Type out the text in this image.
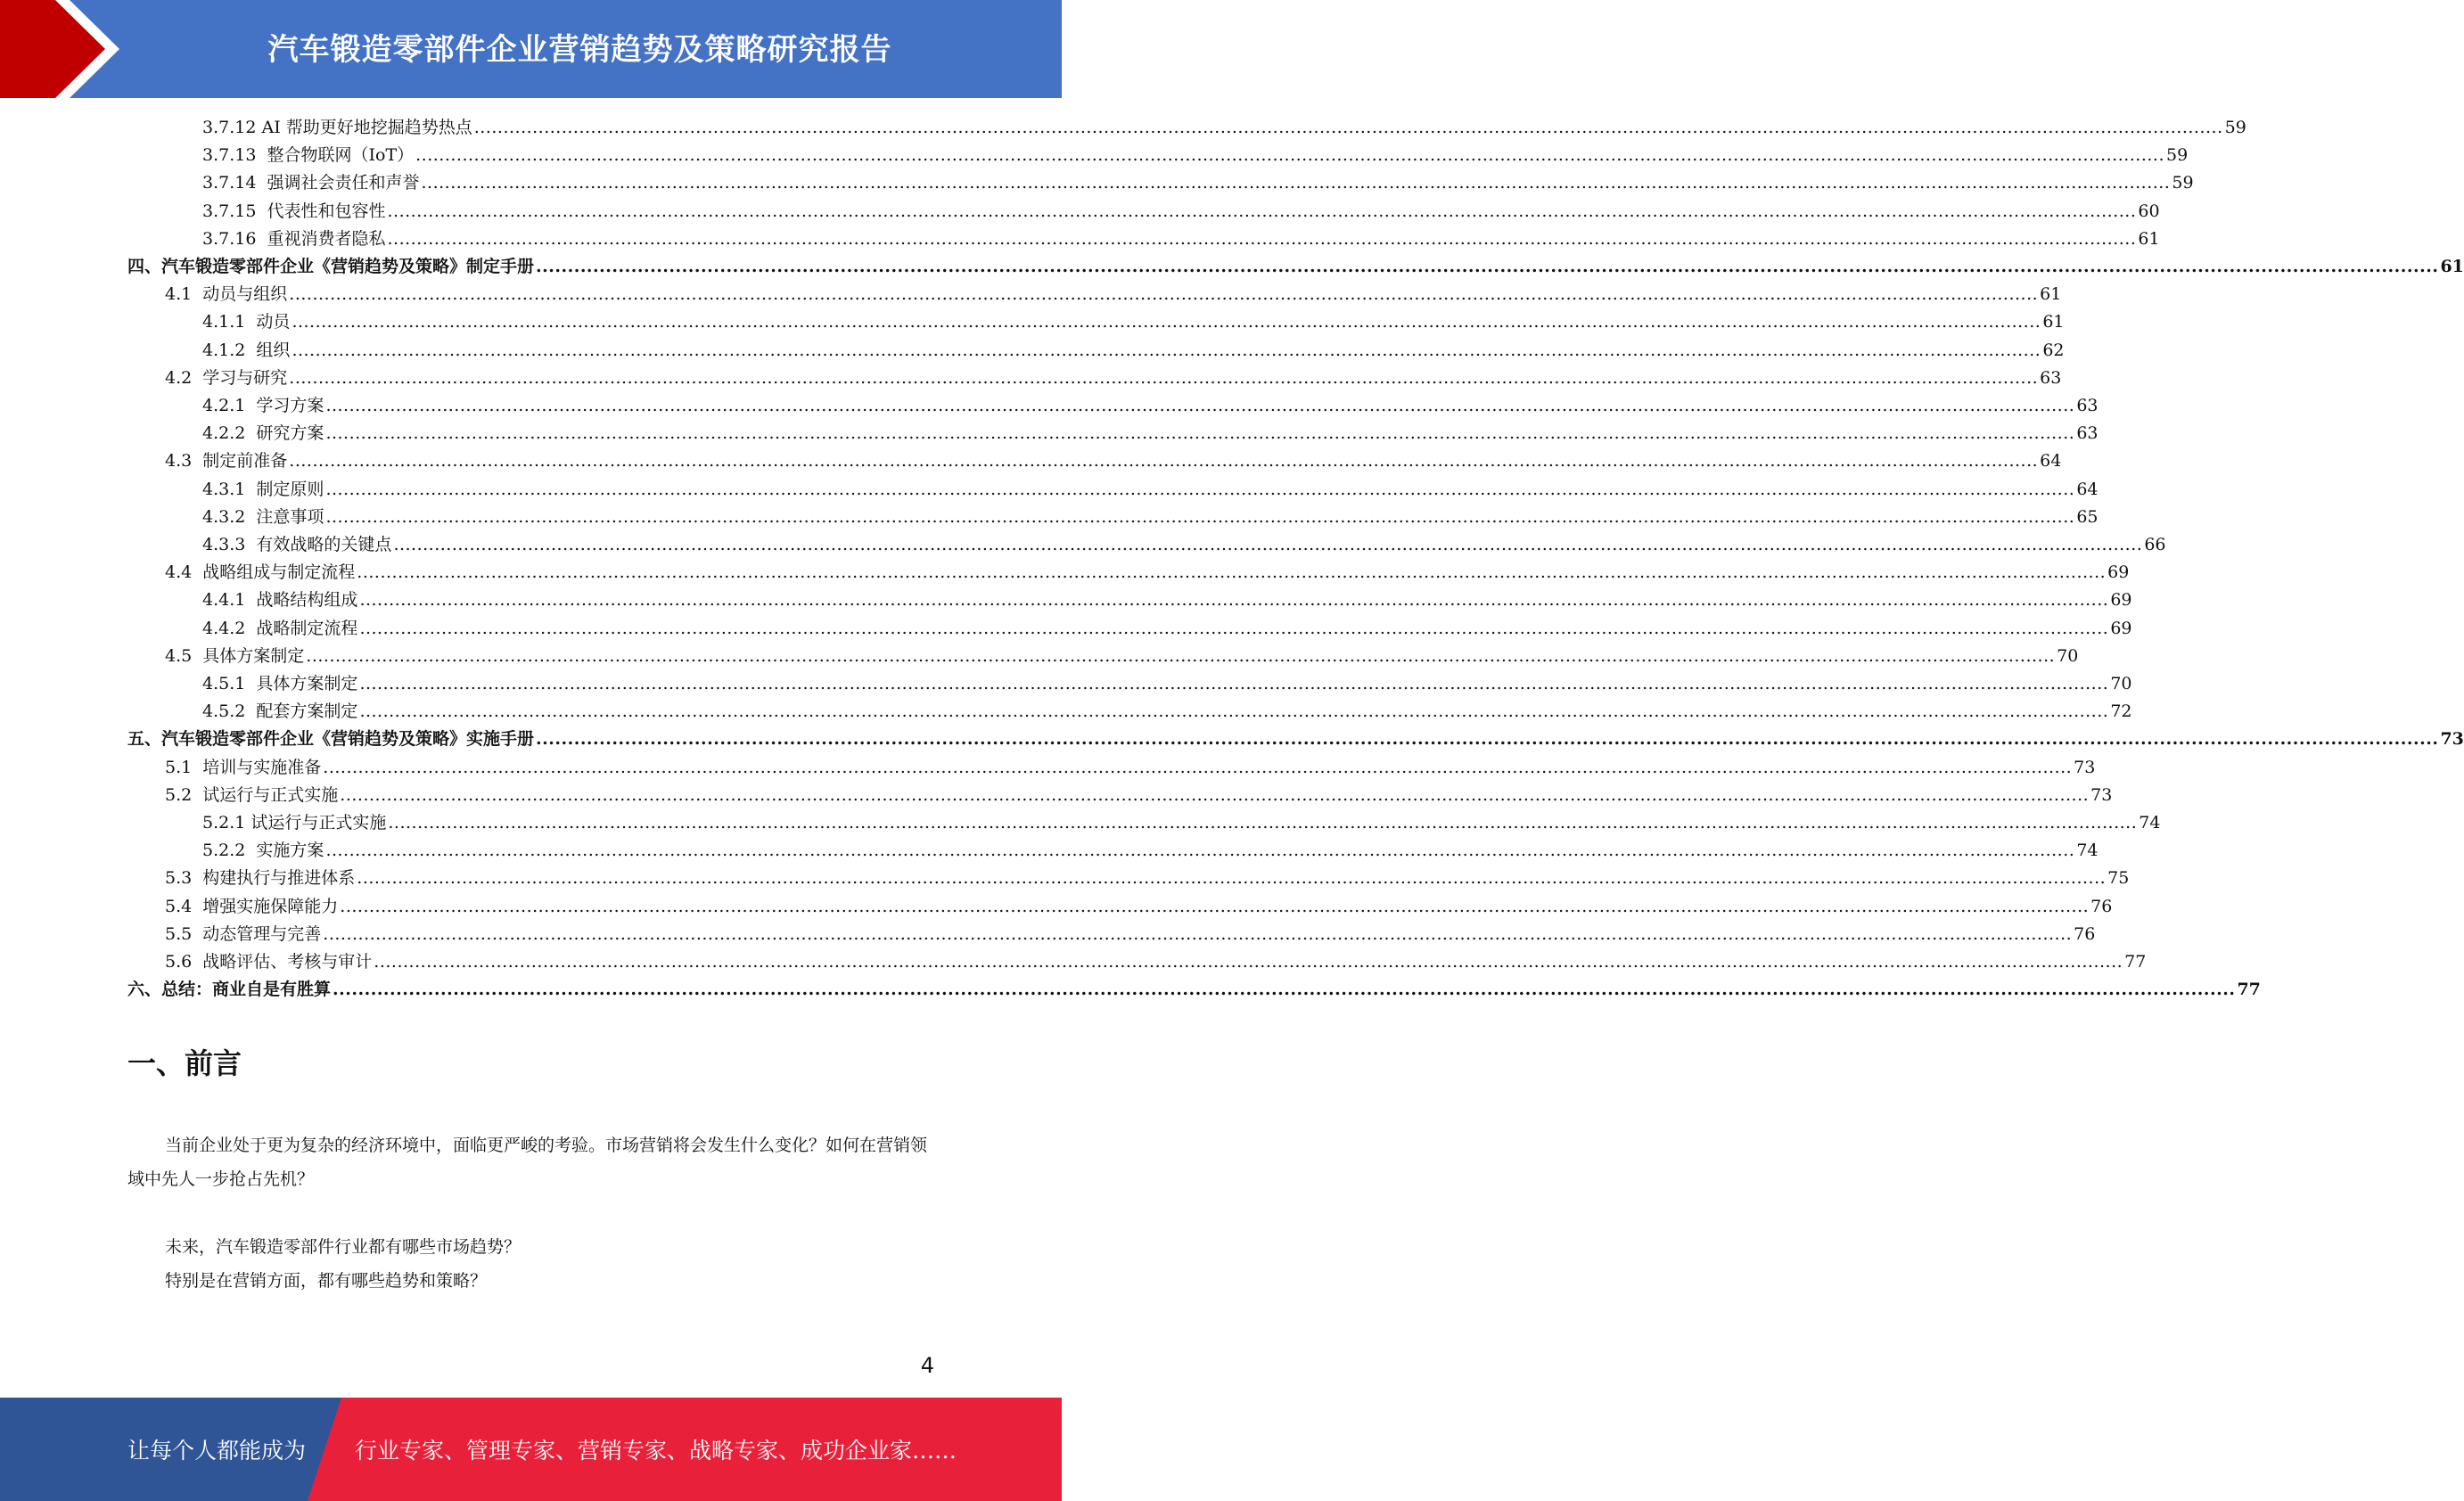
汽车锻造零部件企业营销趋势及策略研究报告
3.7.12 AI 帮助更好地挖掘趋势热点 ............................................................................................................................................................................................................................................................................................................ 59
3.7.13  整合物联网（IoT） ............................................................................................................................................................................................................................................................................................................ 59
3.7.14  强调社会责任和声誉 ............................................................................................................................................................................................................................................................................................................ 59
3.7.15  代表性和包容性 ............................................................................................................................................................................................................................................................................................................ 60
3.7.16  重视消费者隐私 ............................................................................................................................................................................................................................................................................................................ 61
四、汽车锻造零部件企业《营销趋势及策略》制定手册 ............................................................................................................................................................................................................................................................................................................ 61
4.1  动员与组织 ............................................................................................................................................................................................................................................................................................................ 61
4.1.1  动员 ............................................................................................................................................................................................................................................................................................................ 61
4.1.2  组织 ............................................................................................................................................................................................................................................................................................................ 62
4.2  学习与研究 ............................................................................................................................................................................................................................................................................................................ 63
4.2.1  学习方案 ............................................................................................................................................................................................................................................................................................................ 63
4.2.2  研究方案 ............................................................................................................................................................................................................................................................................................................ 63
4.3  制定前准备 ............................................................................................................................................................................................................................................................................................................ 64
4.3.1  制定原则 ............................................................................................................................................................................................................................................................................................................ 64
4.3.2  注意事项 ............................................................................................................................................................................................................................................................................................................ 65
4.3.3  有效战略的关键点 ............................................................................................................................................................................................................................................................................................................ 66
4.4  战略组成与制定流程 ............................................................................................................................................................................................................................................................................................................ 69
4.4.1  战略结构组成 ............................................................................................................................................................................................................................................................................................................ 69
4.4.2  战略制定流程 ............................................................................................................................................................................................................................................................................................................ 69
4.5  具体方案制定 ............................................................................................................................................................................................................................................................................................................ 70
4.5.1  具体方案制定 ............................................................................................................................................................................................................................................................................................................ 70
4.5.2  配套方案制定 ............................................................................................................................................................................................................................................................................................................ 72
五、汽车锻造零部件企业《营销趋势及策略》实施手册 ............................................................................................................................................................................................................................................................................................................ 73
5.1  培训与实施准备 ............................................................................................................................................................................................................................................................................................................ 73
5.2  试运行与正式实施 ............................................................................................................................................................................................................................................................................................................ 73
5.2.1 试运行与正式实施 ............................................................................................................................................................................................................................................................................................................ 74
5.2.2  实施方案 ............................................................................................................................................................................................................................................................................................................ 74
5.3  构建执行与推进体系 ............................................................................................................................................................................................................................................................................................................ 75
5.4  增强实施保障能力 ............................................................................................................................................................................................................................................................................................................ 76
5.5  动态管理与完善 ............................................................................................................................................................................................................................................................................................................ 76
5.6  战略评估、考核与审计 ............................................................................................................................................................................................................................................................................................................ 77
六、总结：商业自是有胜算 ............................................................................................................................................................................................................................................................................................................ 77
一、前言
当前企业处于更为复杂的经济环境中，面临更严峻的考验。市场营销将会发生什么变化？如何在营销领域中先人一步抢占先机？
未来，汽车锻造零部件行业都有哪些市场趋势？
特别是在营销方面，都有哪些趋势和策略？
4
让每个人都能成为 行业专家、管理专家、营销专家、战略专家、成功企业家……
